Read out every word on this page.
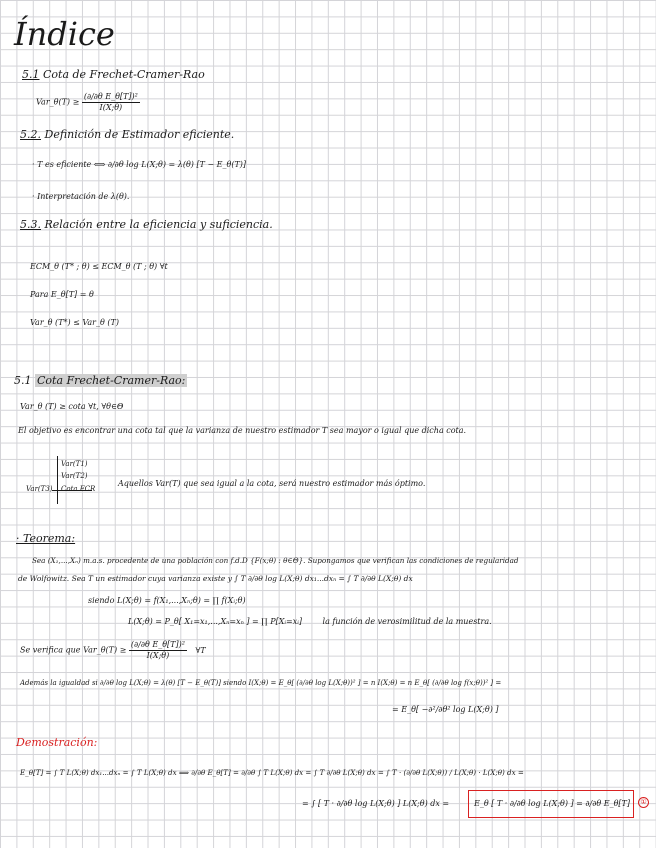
Índice
5.1 Cota de Frechet-Cramer-Rao
Var_θ(T) ≥ $\frac{\text{(∂/∂θ E\_θ[T])²}}{I(X;\theta)}$
5.2. Definición de Estimador eficiente.
· T es eficiente ⟺ ∂/∂θ log L(X;θ) = λ(θ) [T − E_θ(T)]
· Interpretación de λ(θ).
5.3. Relación entre la eficiencia y suficiencia.
ECM_θ (T* ; θ) ≤ ECM_θ (T ; θ) ∀t
Para E_θ[T] = θ
Var_θ (T*) ≤ Var_θ (T)
5.1 Cota Frechet-Cramer-Rao:
Var_θ (T) ≥ cota ∀t, ∀θ∈Θ
El objetivo es encontrar una cota tal que la varianza de nuestro estimador T sea mayor o igual que dicha cota.
Var(T1)
Var(T2)
Var(T3) Cota FCR
Aquellos Var(T) que sea igual a la cota, será nuestro estimador más óptimo.
· Teorema:
Sea (X₁,...,Xₙ) m.a.s. procedente de una población con f.d.D {F(x;θ) : θ∈Θ}. Supongamos que verifican las condiciones de regularidad
de Wolfowitz. Sea T un estimador cuya varianza existe y ∫ T ∂/∂θ log L(X;θ) dx₁...dxₙ = ∫ T ∂/∂θ L(X;θ) dx
siendo L(X;θ) = f(X₁,...,Xₙ;θ) = ∏ f(Xᵢ;θ)
L(X;θ) = P_θ[ X₁=x₁,...,Xₙ=xₙ ] = ∏ P[Xᵢ=xᵢ]	la función de verosimilitud de la muestra.
Se verifica que Var_θ(T) ≥ $\frac{\text{(∂/∂θ E\_θ[T])²}}{I(X;\theta)}$ ∀T
Además la igualdad si ∂/∂θ log L(X;θ) = λ(θ) [T − E_θ(T)] siendo I(X;θ) = E_θ[ (∂/∂θ log L(X;θ))² ] = n I(X;θ) = n E_θ[ (∂/∂θ log f(x;θ))² ] =
= E_θ[ −∂²/∂θ² log L(X;θ) ]
Demostración:
E_θ[T] = ∫ T L(X;θ) dx₁...dxₙ = ∫ T L(X;θ) dx ⟹ ∂/∂θ E_θ[T] = ∂/∂θ ∫ T L(X;θ) dx = ∫ T ∂/∂θ L(X;θ) dx = ∫ T · (∂/∂θ L(X;θ)) / L(X;θ) · L(X;θ) dx =
= ∫ [ T · ∂/∂θ log L(X;θ) ] L(X;θ) dx =	E_θ [ T · ∂/∂θ log L(X;θ) ] = ∂/∂θ E_θ[T]	①
